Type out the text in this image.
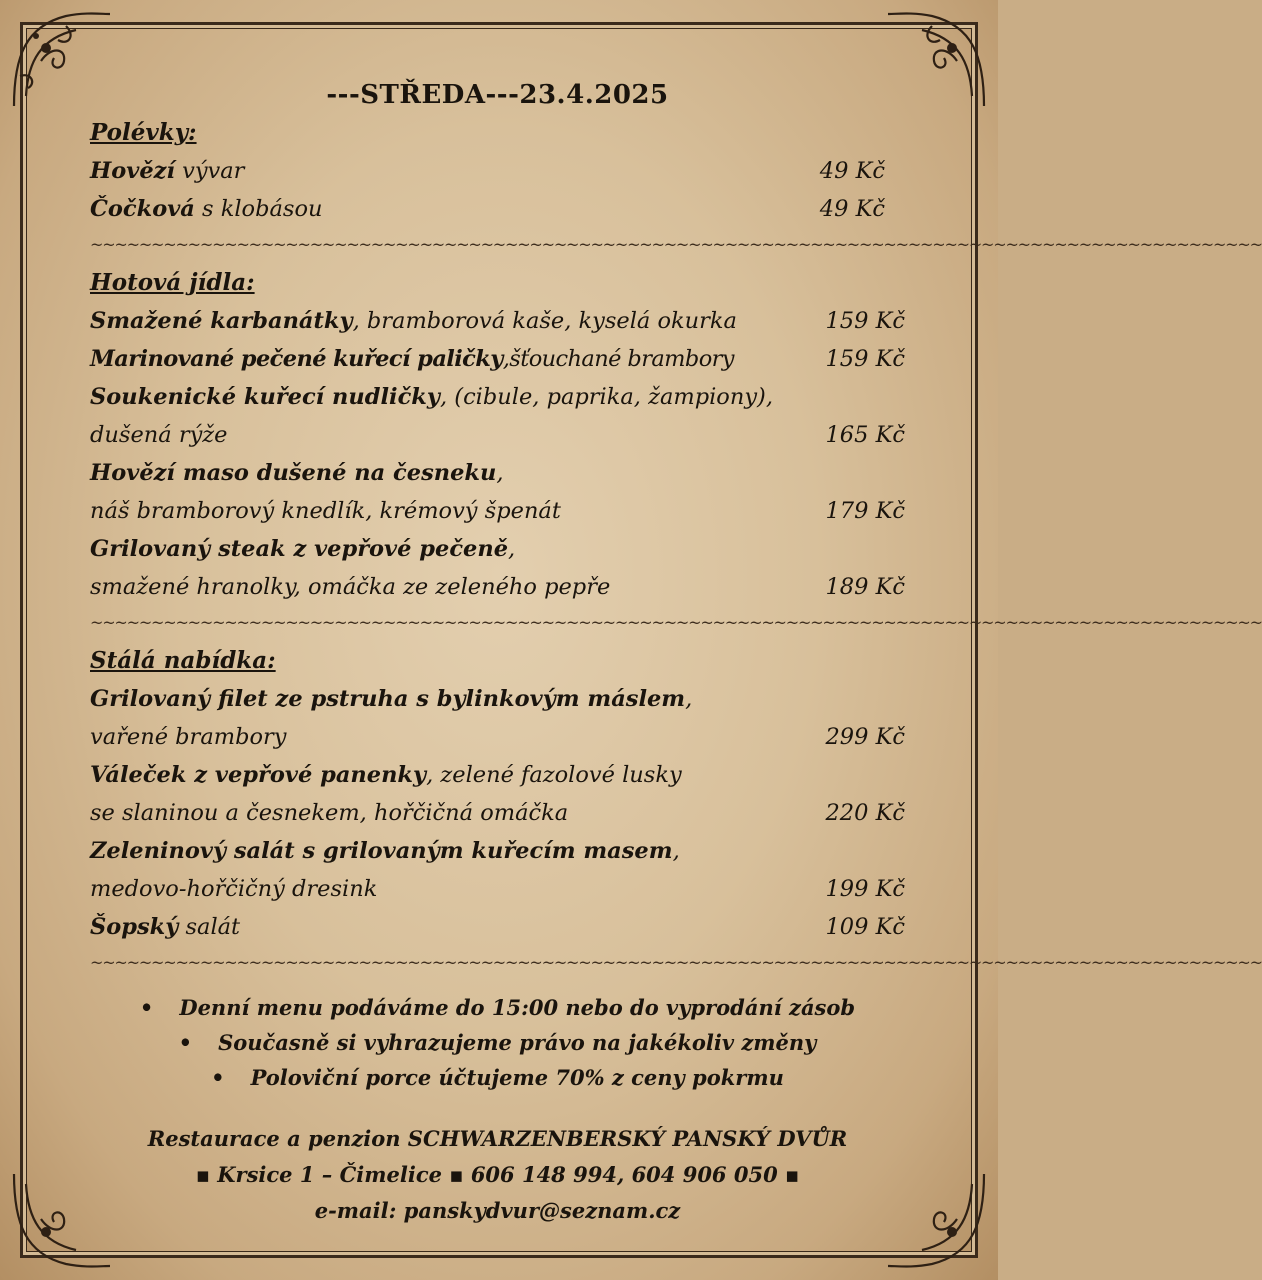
---STŘEDA---23.4.2025
Polévky:
Hovězí vývar	49 Kč
Čočková s klobásou	49 Kč
~~~~~~~~~~~~~~~~~~~~~~~~~~~~~~~~~~~~~~~~~~~~~~~~~~~~~~~~~~~~~~~~~~~~~~~~~~~~~~~~~~~~~~~~~~~~~~~~
Hotová jídla:
Smažené karbanátky, bramborová kaše, kyselá okurka	159 Kč
Marinované pečené kuřecí paličky,šťouchané brambory	159 Kč
Soukenické kuřecí nudličky, (cibule, paprika, žampiony),
dušená rýže	165 Kč
Hovězí maso dušené na česneku,
náš bramborový knedlík, krémový špenát	179 Kč
Grilovaný steak z vepřové pečeně,
smažené hranolky, omáčka ze zeleného pepře	189 Kč
~~~~~~~~~~~~~~~~~~~~~~~~~~~~~~~~~~~~~~~~~~~~~~~~~~~~~~~~~~~~~~~~~~~~~~~~~~~~~~~~~~~~~~~~~~~~~~~~
Stálá nabídka:
Grilovaný filet ze pstruha s bylinkovým máslem,
vařené brambory	299 Kč
Váleček z vepřové panenky, zelené fazolové lusky
se slaninou a česnekem, hořčičná omáčka	220 Kč
Zeleninový salát s grilovaným kuřecím masem,
medovo-hořčičný dresink	199 Kč
Šopský salát	109 Kč
~~~~~~~~~~~~~~~~~~~~~~~~~~~~~~~~~~~~~~~~~~~~~~~~~~~~~~~~~~~~~~~~~~~~~~~~~~~~~~~~~~~~~~~~~~~~~~~~
• Denní menu podáváme do 15:00 nebo do vyprodání zásob
• Současně si vyhrazujeme právo na jakékoliv změny
• Poloviční porce účtujeme 70% z ceny pokrmu
Restaurace a penzion SCHWARZENBERSKÝ PANSKÝ DVŮR
▪ Krsice 1 – Čimelice ▪ 606 148 994, 604 906 050 ▪
e-mail: panskydvur@seznam.cz
